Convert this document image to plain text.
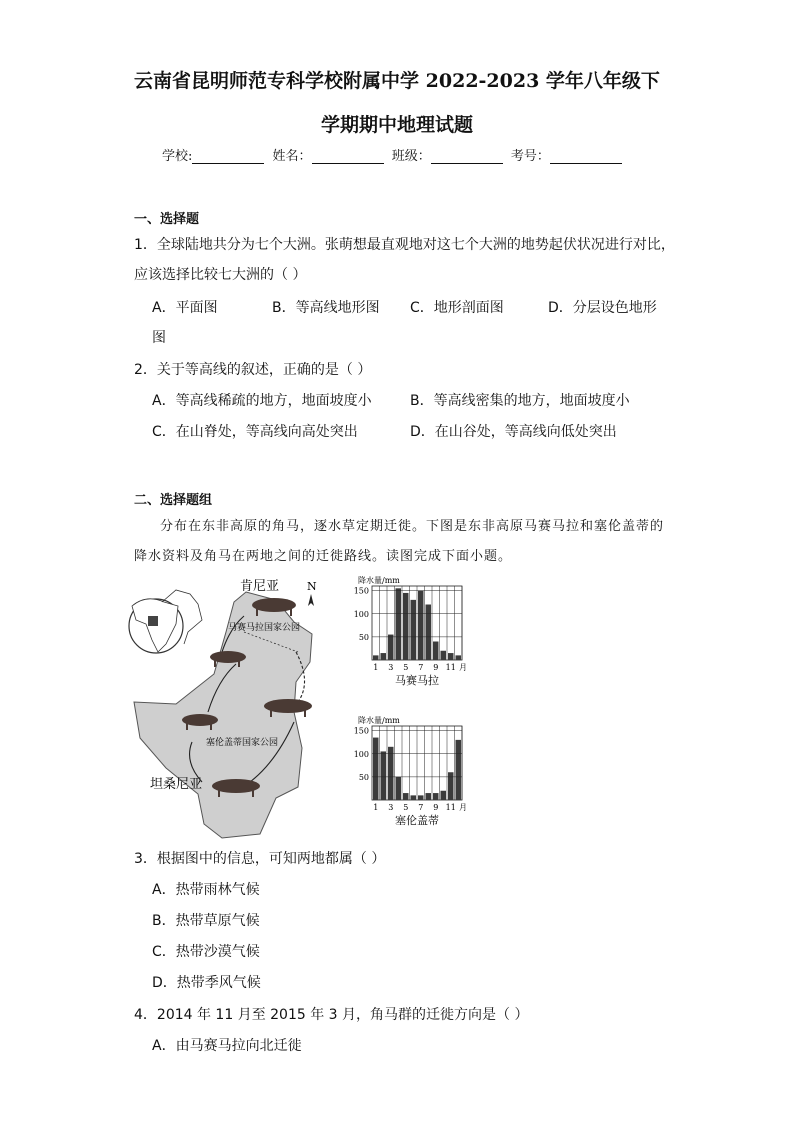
云南省昆明师范专科学校附属中学 2022-2023 学年八年级下
学期期中地理试题
学校:	姓名：	班级：	考号：
一、选择题
1．全球陆地共分为七个大洲。张萌想最直观地对这七个大洲的地势起伏状况进行对比，
应该选择比较七大洲的（ ）
A．平面图	B．等高线地形图 C．地形剖面图	D．分层设色地形
图
2．关于等高线的叙述，正确的是（ ）
A．等高线稀疏的地方，地面坡度小	B．等高线密集的地方，地面坡度小
C．在山脊处，等高线向高处突出	D．在山谷处，等高线向低处突出
二、选择题组
分布在东非高原的角马，逐水草定期迁徙。下图是东非高原马赛马拉和塞伦盖蒂的
降水资料及角马在两地之间的迁徙路线。读图完成下面小题。
肯尼亚	N
马赛马拉国家公园
塞伦盖蒂国家公园
坦桑尼亚
降水量/mm
50
100
150
1 3 5 7 9 11 月
马赛马拉
降水量/mm
50
100
150
1 3 5 7 9 11 月
塞伦盖蒂
3．根据图中的信息，可知两地都属（ ）
A．热带雨林气候
B．热带草原气候
C．热带沙漠气候
D．热带季风气候
4．2014 年 11 月至 2015 年 3 月，角马群的迁徙方向是（ ）
A．由马赛马拉向北迁徙
